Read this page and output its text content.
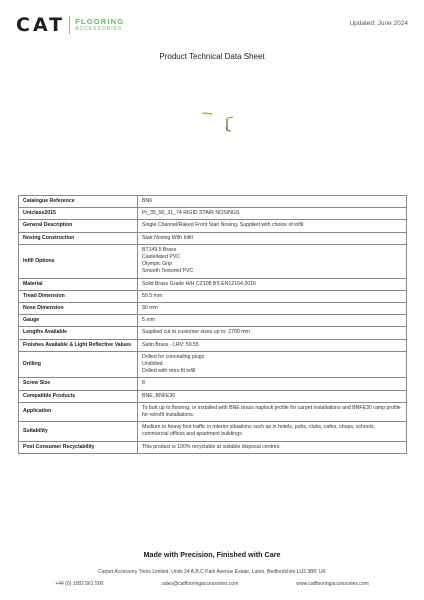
CAT FLOORING
ACCESSORIES
Updated: June 2024
Product Technical Data Sheet
Catalogue Reference	BN6

Uniclass2015	Pr_35_90_31_74 RIGID STAIR NOSINGS

General Description	Single Channel/Raked Front Stair Nosing. Supplied with choice of infill.

Nosing Construction	Stair Nosing With Infill

Infill Options	BT149.5 Brass
Castellated PVC
Olympic Grip
Smooth Textured PVC

Material	Solid Brass Grade H/H CZ108 BS EN12164:2016

Tread Dimension	59.5 mm

Nose Dimension	30 mm

Gauge	5 mm

Lengths Available	Supplied cut to customer sizes up to: 2700 mm

Finishes Available & Light Reflective Values	Satin Brass - LRV: 59.55

Drilling	Drilled for concealing plugs
Undrilled
Drilled with retro fit infill

Screw Size	8

Compatible Products	BNE, BNFE30

Application	To butt up to flooring, or installed with BNE brass naplock profile for carpet installations and BNFE30 ramp profile for retrofit installations.

Suitability	Medium to heavy foot traffic in interior situations such as in hotels, pubs, clubs, cafes, shops, schools, commercial offices and apartment buildings.

Post Consumer Recyclability	This product is 100% recyclable at suitable disposal centres.
Made with Precision, Finished with Care
Carpet Accessory Trims Limited. Units 24 A,B,C Park Avenue Estate, Luton, Bedfordshire LU3 3BP, UK
+44 (0) 1582 561 500	sales@catflooringaccessories.com	www.catflooringaccessories.com
